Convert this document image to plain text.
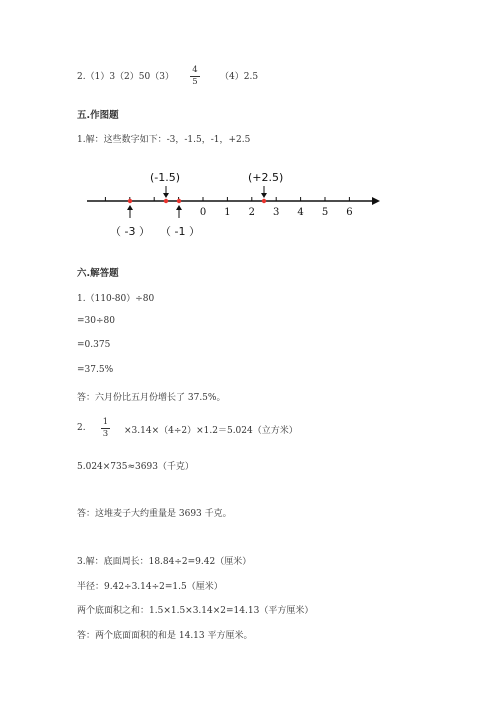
2.（1）3（2）50（3）
4
5 （4）2.5
五.作图题
1.解：这些数字如下：-3，-1.5，-1，+2.5
0 1 2 3 4 5 6
(-1.5)	(+2.5)
（ -3 ） （ -1 ）
六.解答题
1.（110-80）÷80
=30÷80
=0.375
=37.5%
答：六月份比五月份增长了 37.5%。
2.
1
3 ×3.14×（4÷2）×1.2＝5.024（立方米）
5.024×735≈3693（千克）
答：这堆麦子大约重量是 3693 千克。
3.解：底面周长：18.84÷2=9.42（厘米）
半径：9.42÷3.14÷2=1.5（厘米）
两个底面积之和：1.5×1.5×3.14×2=14.13（平方厘米）
答：两个底面面积的和是 14.13 平方厘米。
